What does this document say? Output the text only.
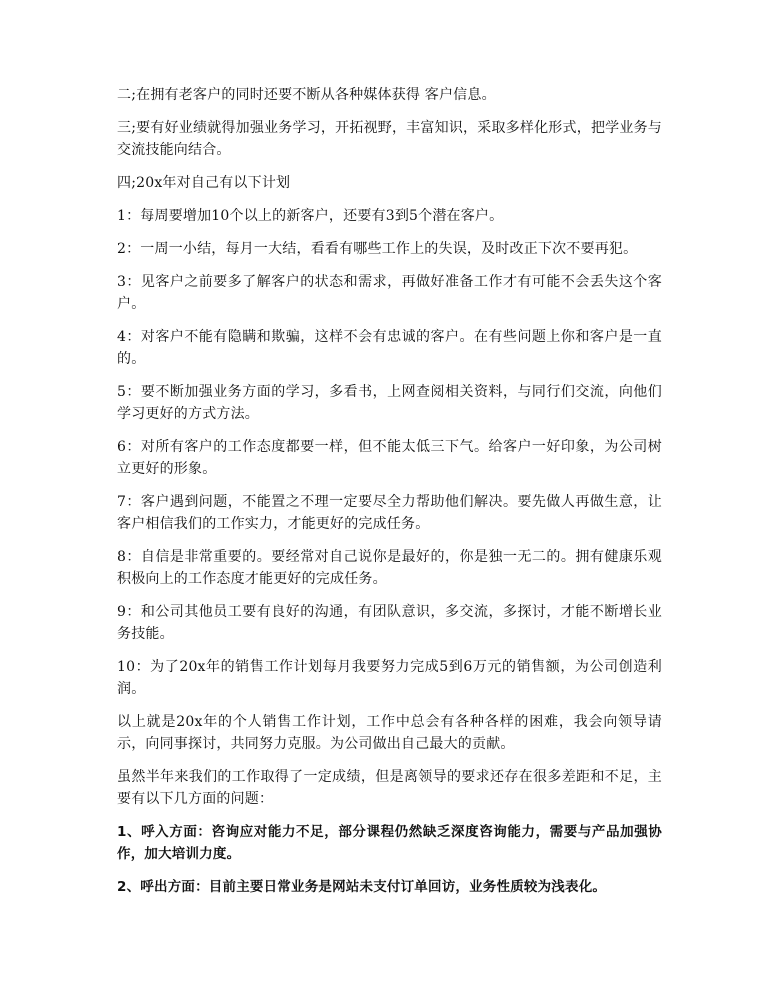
二;在拥有老客户的同时还要不断从各种媒体获得 客户信息。

三;要有好业绩就得加强业务学习，开拓视野，丰富知识，采取多样化形式，把学业务与交流技能向结合。

四;20x年对自己有以下计划

1：每周要增加10个以上的新客户，还要有3到5个潜在客户。

2：一周一小结，每月一大结，看看有哪些工作上的失误，及时改正下次不要再犯。

3：见客户之前要多了解客户的状态和需求，再做好准备工作才有可能不会丢失这个客户。

4：对客户不能有隐瞒和欺骗，这样不会有忠诚的客户。在有些问题上你和客户是一直的。

5：要不断加强业务方面的学习，多看书，上网查阅相关资料，与同行们交流，向他们学习更好的方式方法。

6：对所有客户的工作态度都要一样，但不能太低三下气。给客户一好印象，为公司树立更好的形象。

7：客户遇到问题，不能置之不理一定要尽全力帮助他们解决。要先做人再做生意，让客户相信我们的工作实力，才能更好的完成任务。

8：自信是非常重要的。要经常对自己说你是最好的，你是独一无二的。拥有健康乐观积极向上的工作态度才能更好的完成任务。

9：和公司其他员工要有良好的沟通，有团队意识，多交流，多探讨，才能不断增长业务技能。

10：为了20x年的销售工作计划每月我要努力完成5到6万元的销售额，为公司创造利润。

以上就是20x年的个人销售工作计划，工作中总会有各种各样的困难，我会向领导请示，向同事探讨，共同努力克服。为公司做出自己最大的贡献。

虽然半年来我们的工作取得了一定成绩，但是离领导的要求还存在很多差距和不足，主要有以下几方面的问题：

1、呼入方面：咨询应对能力不足，部分课程仍然缺乏深度咨询能力，需要与产品加强协作，加大培训力度。

2、呼出方面：目前主要日常业务是网站未支付订单回访，业务性质较为浅表化。
